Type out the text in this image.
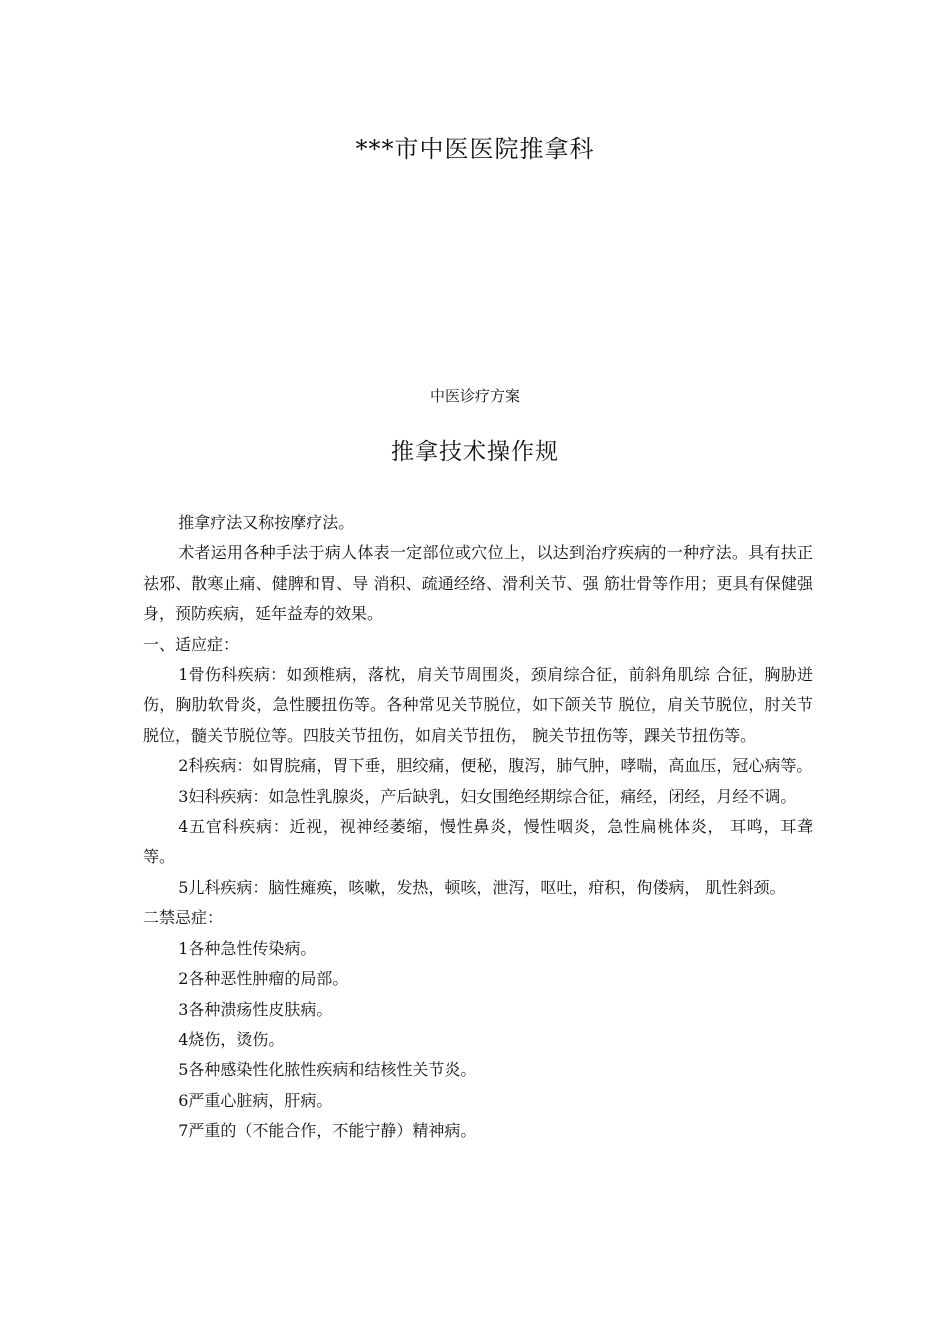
***市中医医院推拿科
中医诊疗方案
推拿技术操作规

推拿疗法又称按摩疗法。

术者运用各种手法于病人体表一定部位或穴位上，以达到治疗疾病的一种疗法。具有扶正祛邪、散寒止痛、健脾和胃、导 消积、疏通经络、滑利关节、强 筋壮骨等作用；更具有保健强身，预防疾病，延年益寿的效果。

一、适应症：

1骨伤科疾病：如颈椎病，落枕，肩关节周围炎，颈肩综合征，前斜角肌综 合征，胸胁迸伤，胸肋软骨炎，急性腰扭伤等。各种常见关节脱位，如下颌关节 脱位，肩关节脱位，肘关节脱位，髓关节脱位等。四肢关节扭伤，如肩关节扭伤， 腕关节扭伤等，踝关节扭伤等。

2科疾病：如胃脘痛，胃下垂，胆绞痛，便秘，腹泻，肺气肿，哮喘，高血压，冠心病等。

3妇科疾病：如急性乳腺炎，产后缺乳，妇女围绝经期综合征，痛经，闭经，月经不调。

4五官科疾病：近视，视神经萎缩，慢性鼻炎，慢性咽炎，急性扁桃体炎， 耳鸣，耳聋等。

5儿科疾病：脑性瘫痪，咳嗽，发热，顿咳，泄泻，呕吐，疳积，佝偻病， 肌性斜颈。

二禁忌症：

1各种急性传染病。

2各种恶性肿瘤的局部。

3各种溃疡性皮肤病。

4烧伤，烫伤。

5各种感染性化脓性疾病和结核性关节炎。

6严重心脏病，肝病。

7严重的（不能合作，不能宁静）精神病。
